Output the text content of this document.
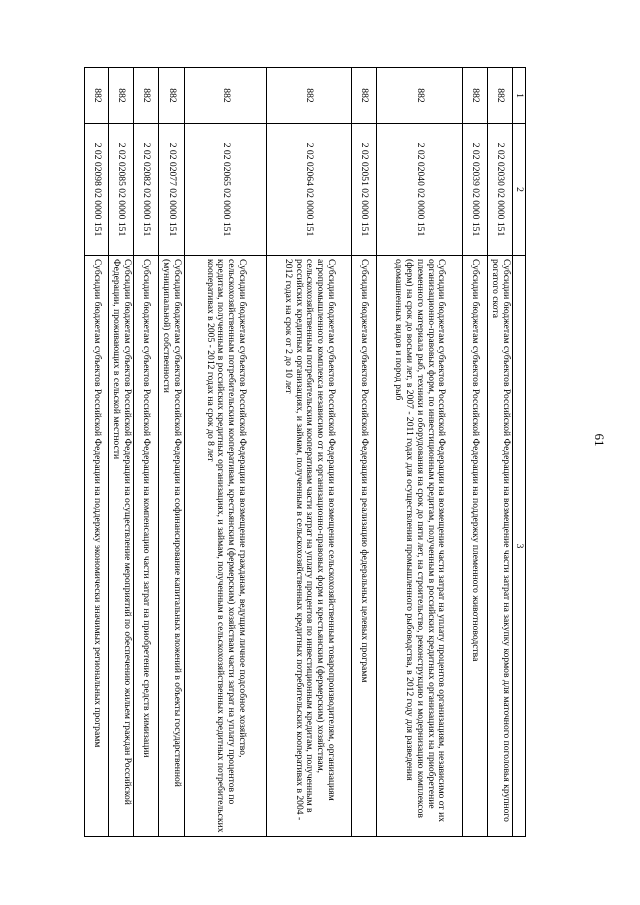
61
1	2	3
882	2 02 02030 02 0000 151	Субсидии бюджетам субъектов Российской Федерации на возмещение части затрат на закупку кормов для маточного поголовья крупного рогатого скота
882	2 02 02039 02 0000 151	Субсидии бюджетам субъектов Российской Федерации на поддержку племенного животноводства
882	2 02 02040 02 0000 151	Субсидии бюджетам субъектов Российской Федерации на возмещение части затрат на уплату процентов организациям, независимо от их организационно-правовых форм, по инвестиционным кредитам, полученным в российских кредитных организациях на приобретение племенного материала рыб, техники и оборудования на срок до пяти лет, на строительство, реконструкцию и модернизацию комплексов (ферм) на срок до восьми лет, в 2007 - 2011 годах для осуществления промышленного рыбоводства, в 2012 году для разведения одомашненных видов и пород рыб
882	2 02 02051 02 0000 151	Субсидии бюджетам субъектов Российской Федерации на реализацию федеральных целевых программ
882	2 02 02064 02 0000 151	Субсидии бюджетам субъектов Российской Федерации на возмещение сельскохозяйственным товаропроизводителям, организациям агропромышленного комплекса независимо от их организационно-правовых форм и крестьянским (фермерским) хозяйствам, сельскохозяйственным потребительским кооперативам части затрат на уплату процентов по инвестиционным кредитам, полученным в российских кредитных организациях, и займам, полученным в сельскохозяйственных кредитных потребительских кооперативах в 2004 - 2012 годах на срок от 2 до 10 лет
882	2 02 02065 02 0000 151	Субсидии бюджетам субъектов Российской Федерации на возмещение гражданам, ведущим личное подсобное хозяйство, сельскохозяйственным потребительским кооперативам, крестьянским (фермерским) хозяйствам части затрат на уплату процентов по кредитам, полученным в российских кредитных организациях, и займам, полученным в сельскохозяйственных кредитных потребительских кооперативах в 2005 - 2012 годах на срок до 8 лет
882	2 02 02077 02 0000 151	Субсидии бюджетам субъектов Российской Федерации на софинансирование капитальных вложений в объекты государственной (муниципальной) собственности
882	2 02 02082 02 0000 151	Субсидии бюджетам субъектов Российской Федерации на компенсацию части затрат на приобретение средств химизации
882	2 02 02085 02 0000 151	Субсидии бюджетам субъектов Российской Федерации на осуществление мероприятий по обеспечению жильем граждан Российской Федерации, проживающих в сельской местности
882	2 02 02098 02 0000 151	Субсидии бюджетам субъектов Российской Федерации на поддержку экономически значимых региональных программ
